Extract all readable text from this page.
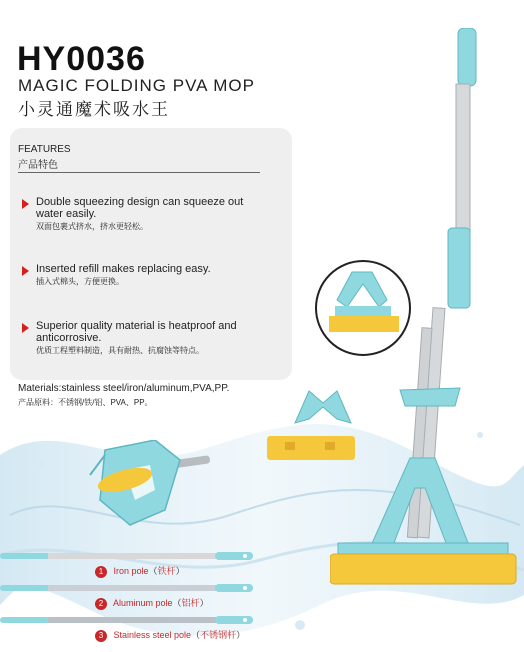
HY0036
MAGIC FOLDING PVA MOP
小灵通魔术吸水王
FEATURES
产品特色
Double squeezing design can squeeze out water easily.
双面包裹式挤水，挤水更轻松。
Inserted refill makes replacing easy.
插入式棉头，方便更换。
Superior quality material is heatproof and anticorrosive.
优质工程塑料制造，具有耐热、抗腐蚀等特点。
Materials:stainless steel/iron/aluminum,PVA,PP.
产品原料：不锈钢/铁/铝、PVA、PP。
1 Iron pole（铁杆）
2 Aluminum pole（铝杆）
3 Stainless steel pole（不锈钢杆）
